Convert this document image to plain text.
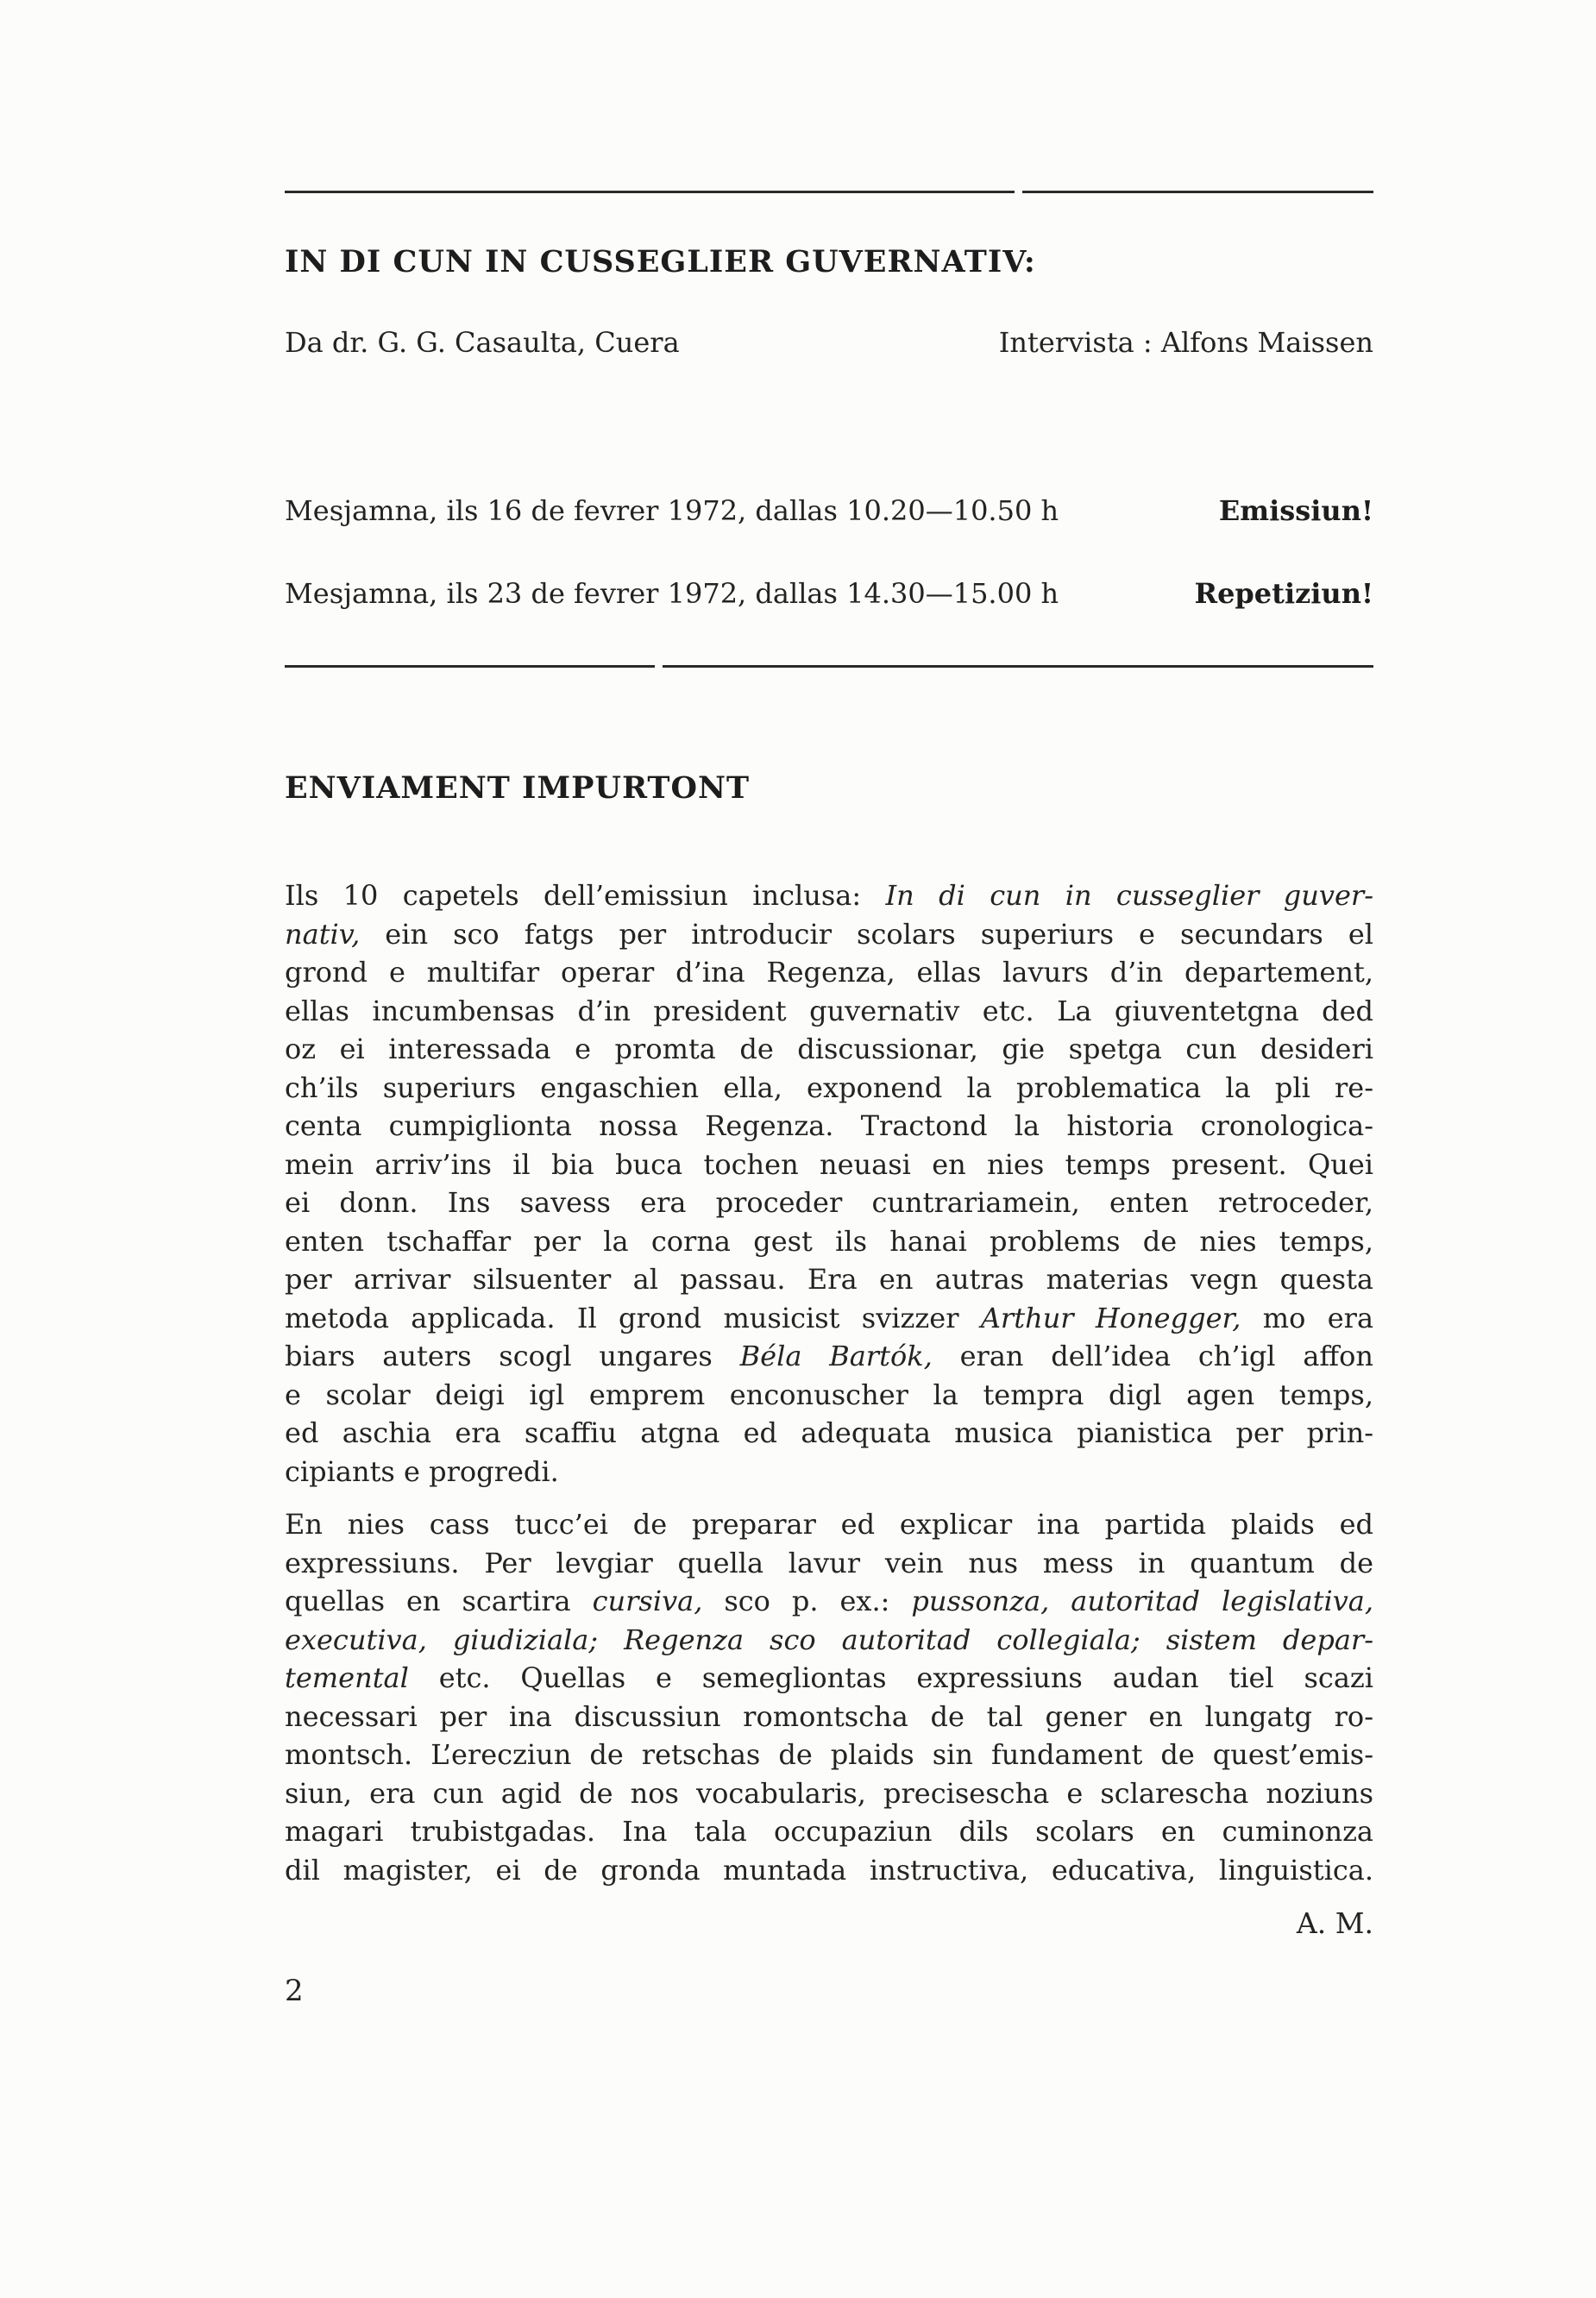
IN DI CUN IN CUSSEGLIER GUVERNATIV:
Da dr. G. G. Casaulta, Cuera	Intervista : Alfons Maissen
Mesjamna, ils 16 de fevrer 1972, dallas 10.20—10.50 h	Emissiun!
Mesjamna, ils 23 de fevrer 1972, dallas 14.30—15.00 h	Repetiziun!
ENVIAMENT IMPURTONT
Ils 10 capetels dell’emissiun inclusa: In di cun in cusseglier guver-
nativ, ein sco fatgs per introducir scolars superiurs e secundars el
grond e multifar operar d’ina Regenza, ellas lavurs d’in departement,
ellas incumbensas d’in president guvernativ etc. La giuventetgna ded
oz ei interessada e promta de discussionar, gie spetga cun desideri
ch’ils superiurs engaschien ella, exponend la problematica la pli re-
centa cumpiglionta nossa Regenza. Tractond la historia cronologica-
mein arriv’ins il bia buca tochen neuasi en nies temps present. Quei
ei donn. Ins savess era proceder cuntrariamein, enten retroceder,
enten tschaffar per la corna gest ils hanai problems de nies temps,
per arrivar silsuenter al passau. Era en autras materias vegn questa
metoda applicada. Il grond musicist svizzer Arthur Honegger, mo era
biars auters scogl ungares Béla Bartók, eran dell’idea ch’igl affon
e scolar deigi igl emprem enconuscher la tempra digl agen temps,
ed aschia era scaffiu atgna ed adequata musica pianistica per prin-
cipiants e progredi.
En nies cass tucc’ei de preparar ed explicar ina partida plaids ed
expressiuns. Per levgiar quella lavur vein nus mess in quantum de
quellas en scartira cursiva, sco p. ex.: pussonza, autoritad legislativa,
executiva, giudiziala; Regenza sco autoritad collegiala; sistem depar-
temental etc. Quellas e semegliontas expressiuns audan tiel scazi
necessari per ina discussiun romontscha de tal gener en lungatg ro-
montsch. L’erecziun de retschas de plaids sin fundament de quest’emis-
siun, era cun agid de nos vocabularis, precisescha e sclarescha noziuns
magari trubistgadas. Ina tala occupaziun dils scolars en cuminonza
dil magister, ei de gronda muntada instructiva, educativa, linguistica.
A. M.
2
